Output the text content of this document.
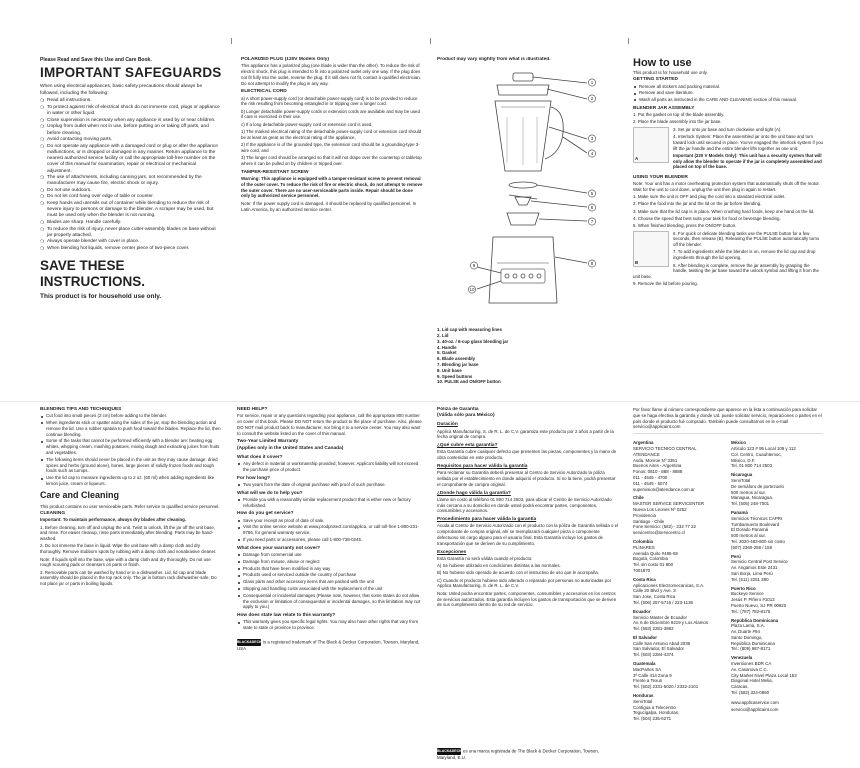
Please Read and Save this Use and Care Book.
IMPORTANT SAFEGUARDS

When using electrical appliances, basic safety precautions should always be followed, including the following:

❍ Read all instructions.
❍ To protect against risk of electrical shock do not immerse cord, plugs or appliance in water or other liquid.
❍ Close supervision is necessary when any appliance is used by or near children.
❍ Unplug from outlet when not in use, before putting on or taking off parts, and before cleaning.
❍ Avoid contacting moving parts.
❍ Do not operate any appliance with a damaged cord or plug or after the appliance malfunctions, or is dropped or damaged in any manner. Return appliance to the nearest authorized service facility or call the appropriate toll-free number on the cover of this manual for examination, repair or electrical or mechanical adjustment.
❍ The use of attachments, including canning jars, not recommended by the manufacturer may cause fire, electric shock or injury.
❍ Do not use outdoors.
❍ Do not let cord hang over edge of table or counter.
❍ Keep hands and utensils out of container while blending to reduce the risk of severe injury to persons or damage to the blender. A scraper may be used, but must be used only when the blender is not running.
❍ Blades are sharp. Handle carefully.
❍ To reduce the risk of injury, never place cutter-assembly blades on base without jar properly attached.
❍ Always operate blender with cover in place.
❍ When blending hot liquids, remove center piece of two-piece cover.
SAVE THESE INSTRUCTIONS.
This product is for household use only.
POLARIZED PLUG (120V Models Only)

This appliance has a polarized plug (one blade is wider than the other). To reduce the risk of electric shock, this plug is intended to fit into a polarized outlet only one way. If the plug does not fit fully into the outlet, reverse the plug. If it still does not fit, contact a qualified electrician. Do not attempt to modify the plug in any way.

ELECTRICAL CORD

a) A short power-supply cord (or detachable power-supply cord) is to be provided to reduce the risk resulting from becoming entangled in or tripping over a longer cord.

b) Longer detachable power-supply cords or extension cords are available and may be used if care is exercised in their use.

c) If a long detachable power-supply cord or extension cord is used,

1) The marked electrical rating of the detachable power-supply cord or extension cord should be at least as great as the electrical rating of the appliance,

2) If the appliance is of the grounded type, the extension cord should be a grounding-type 3-wire cord, and

3) The longer cord should be arranged so that it will not drape over the countertop or tabletop where it can be pulled on by children or tripped over.

TAMPER-RESISTANT SCREW

Warning: This appliance is equipped with a tamper-resistant screw to prevent removal of the outer cover. To reduce the risk of fire or electric shock, do not attempt to remove the outer cover. There are no user-serviceable parts inside. Repair should be done only by authorized service personnel.

Note: If the power supply cord is damaged, it should be replaced by qualified personnel. In Latin America, by an authorized service center.

Product may vary slightly from what is illustrated.
1
2
3
4
5
6
7
8
9
10
1. Lid cap with measuring lines
2. Lid
3. 40-oz. / 6-cup glass blending jar
4. Handle
5. Gasket
6. Blade assembly
7. Blending jar base
8. Unit base
9. Speed buttons
10. PULSE and ON/OFF button
How to use

This product is for household use only.

GETTING STARTED
Remove all stickers and packing material.
Remove and save literature.
Wash all parts as instructed in the CARE AND CLEANING section of this manual.
BLENDER JAR ASSEMBLY

1. Put the gasket on top of the blade assembly.

2. Place the blade assembly into the jar base.

A

3. Set jar onto jar base and turn clockwise until tight (A).

4. Interlock System: Place the assembled jar onto the unit base and turn toward lock until secured in place. You've engaged the interlock system if you lift the jar handle and the entire blender lifts together as one unit.

Important (220 V Models Only): This unit has a security system that will only allow the blender to operate if the jar is completely assembled and placed on top of the base.

USING YOUR BLENDER

Note: Your unit has a motor overheating protection system that automatically shuts off the motor. Wait for the unit to cool down, unplug the unit then plug in again to restart.

1. Make sure the unit is OFF and plug the cord into a standard electrical outlet.

2. Place the food into the jar and the lid on the jar before blending.

3. Make sure that the lid cap is in place. When crushing hard foods, keep one hand on the lid.

4. Choose the speed that best suits your task for food or beverage blending.

5. When finished blending, press the ON/OFF button.

B

6. For quick or delicate blending tasks use the PULSE button for a few seconds, then release (B). Releasing the PULSE button automatically turns off the blender.

7. To add ingredients while the blender is on, remove the lid cap and drop ingredients through the lid opening.

8. After blending is complete, remove the jar assembly by grasping the handle, twisting the jar base toward the unlock symbol and lifting it from the unit base.

9. Remove the lid before pouring.

BLENDING TIPS AND TECHNIQUES
Cut food into small pieces (2 cm) before adding to the blender.
When ingredients stick or spatter along the sides of the jar, stop the blending action and remove the lid. Use a rubber spatula to push food toward the blades. Replace the lid, then continue blending.
Some of the tasks that cannot be performed efficiently with a blender are: beating egg whites, whipping cream, mashing potatoes, mixing dough and extracting juices from fruits and vegetables.
The following items should never be placed in the unit as they may cause damage: dried spices and herbs (ground alone), bones, large pieces of solidly frozen foods and tough foods such as turnips.
Use the lid cap to measure ingredients up to 2 oz. (60 ml) when adding ingredients like lemon juice, cream or liqueurs.
Care and Cleaning

This product contains no user serviceable parts. Refer service to qualified service personnel.

CLEANING

Important: To maintain performance, always dry blades after cleaning.

1. Before cleaning, turn off and unplug the unit. Twist to unlock, lift the jar off the unit base, and rinse. For easier cleanup, rinse parts immediately after blending. Parts may be hand-washed.

2. Do not immerse the base in liquid. Wipe the unit base with a damp cloth and dry thoroughly. Remove stubborn spots by rubbing with a damp cloth and nonabrasive cleaner.

Note: If liquids spill into the base, wipe with a damp cloth and dry thoroughly. Do not use rough scouring pads or cleansers on parts or finish.

3. Removable parts can be washed by hand or in a dishwasher. Lid, lid cap and blade assembly should be placed in the top rack only. The jar is bottom rack dishwasher-safe. Do not place jar or parts in boiling liquids.

NEED HELP?

For service, repair or any questions regarding your appliance, call the appropriate 800 number on cover of this book. Please DO NOT return the product to the place of purchase. Also, please DO NOT mail product back to manufacturer, nor bring it to a service center. You may also want to consult the website listed on the cover of this manual.

Two-Year Limited Warranty
(Applies only in the United States and Canada)
What does it cover?
Any defect in material or workmanship provided; however, Applica's liability will not exceed the purchase price of product.
For how long?
Two years from the date of original purchase with proof of such purchase.
What will we do to help you?
Provide you with a reasonably similar replacement product that is either new or factory refurbished.
How do you get service?
Save your receipt as proof of date of sale.
Visit the online service website at www.prodprotect.com/applica, or call toll-free 1-800-231-9786, for general warranty service.
If you need parts or accessories, please call 1-800-738-0245.
What does your warranty not cover?
Damage from commercial use
Damage from misuse, abuse or neglect
Products that have been modified in any way
Products used or serviced outside the country of purchase
Glass parts and other accessory items that are packed with the unit
Shipping and handling costs associated with the replacement of the unit
Consequential or incidental damages (Please note, however, that some states do not allow the exclusion or limitation of consequential or incidental damages, so this limitation may not apply to you.)
How does state law relate to this warranty?
This warranty gives you specific legal rights. You may also have other rights that vary from state to state or province to province.
BLACK&DECKERis a registered trademark of The Black & Decker Corporation, Towson, Maryland, USA
Póliza de Garantía
(Válida sólo para México)
Duración

Applica Manufacturing, S. de R. L. de C.V. garantiza este producto por 2 años a partir de la fecha original de compra.

¿Qué cubre esta garantía?

Esta Garantía cubre cualquier defecto que presenten las piezas, componentes y la mano de obra contenidas en este producto.

Requisitos para hacer válida la garantía

Para reclamar su Garantía deberá presentar al Centro de Servicio Autorizado la póliza sellada por el establecimiento en donde adquirió el producto. Si no la tiene, podrá presentar el comprobante de compra original.

¿Donde hago válida la garantía?

Llame sin costo al teléfono 01 800 714 2503, para ubicar el Centro de Servicio Autorizado más cercano a su domicilio en donde usted podrá encontrar partes, componentes, consumibles y accesorios.

Procedimiento para hacer válida la garantía

Acuda al Centro de Servicio Autorizado con el producto con la póliza de Garantía sellada o el comprobante de compra original, ahí se reemplazará cualquier pieza o componente defectuoso sin cargo alguno para el usuario final. Esta Garantía incluye los gastos de transportación que se deriven de su cumplimiento.

Excepciones

Esta Garantía no será válida cuando el producto:

A) Se hubiese utilizado en condiciones distintas a las normales.

B) No hubiese sido operado de acuerdo con el instructivo de uso que le acompaña.

C) Cuando el producto hubiese sido alterado o reparado por personas no autorizadas por Applica Manufacturing, S. de R. L. de C.V.

Nota: Usted podra encontrar partes, componentes, consumibles y accesorios en los centros de servicios autorizados. Esta garantía incluyen los gastos de transportación que se deriven de sus cumplimiento dentro de su red de servicio.

BLACK&DECKERes una marca registrada de The Black & Decker Corporation, Towson, Maryland, E.U.

Por favor llame al número correspondiente que aparece en la lista a continuación para solicitar que se haga efectiva la garantía y donde Ud. puede solicitar servicio, reparaciones o partes en el país donde el producto fué comprado. También puede consultarnos en le e-mail servicio@applicaint.com

Argentina
SERVICIO TECNICO CENTRAL
ATENDANCE
Asda. Monroe Nº 3351
Buenos Aires - Argentina
Fonos: 0810 - 888 - 8888
011 - 4545 - 4700
011 - 4545 - 5074
supervision@atendance.com.ar
Chile
MASTER SERVICE SERVICENTER
Nueva Los Leones Nº 0252
Providencia
Santiago - Chile
Fone Servicio: (582) - 232 77 22
servicentro@servicentro.cl
Colombia
PLINARES
Avenida Quito #486-59
Bogotá, Colombia
Tel. sin costo 01 800
7001870
Costa Rica
Aplicaciones Electromecanicas, S.A.
Calle 20 Blvd y Ave. 3
San Jose, Costa Rica
Tel. (506) 257-5716 / 223-1136
Ecuador
Servicio Master de Ecuador
Av. 6 de Diciembre 9219 y Los Alamos
Tel. (593) 2281-3882
El Salvador
Calle San Antonio Abad 2038
San Salvador, El Salvador
Tel. (503) 2284-4374
Guatemala
MacPartes SA
3ª Calle 414 Zona 9
Frente a Texun
Tel. (502) 2331-5020 / 2332-2101
Honduras
ServiTotal
Contigua a Telecentro
Tegucigalpa, Honduras,
Tel. (504) 235-6271
México
Articulo 123 # 95 Local 109 y 112
Col. Centro, Cuauhtemoc,
México, D.F.
Tel. 01 800 714 2503
Nicaragua
ServiTotal
De semáforo de portezuelo
500 metros al sur.
Managua, Nicaragua.
Tel. (505) 248-7001
Panamá
Servicios Técnicos CAPRI
Tumbamuerto Boulevard
El Dorado Panamá
500 metros al sur.
Tel. 3020-483-800 sin costo
(507) 2360-258 / 159
Perú
Servicio Central Post Service
Av. Angamos Este 2431
San Borja, Lima Perú
Tel. (511) 2251 380
Puerto Rico
Buckeye Service
Jesús P. Piñero #1013
Puerto Nuevo, SJ PR 00920
Tel.: (787) 782-8175
República Dominicana
Plaza Lama, S.A.
Av. Duarte #94
Santo Domingo,
República Dominicana
Tel.: (809) 687-8171
Venezuela
Inversiones BDR CA
Av. Casanova C.C.
City Market Nivel Plaza Local 153
Diagonal Hotel Melia,
Caracas.
Tel. (582) 324-0860

www.applicaservice.com

servicio@applicaint.com
